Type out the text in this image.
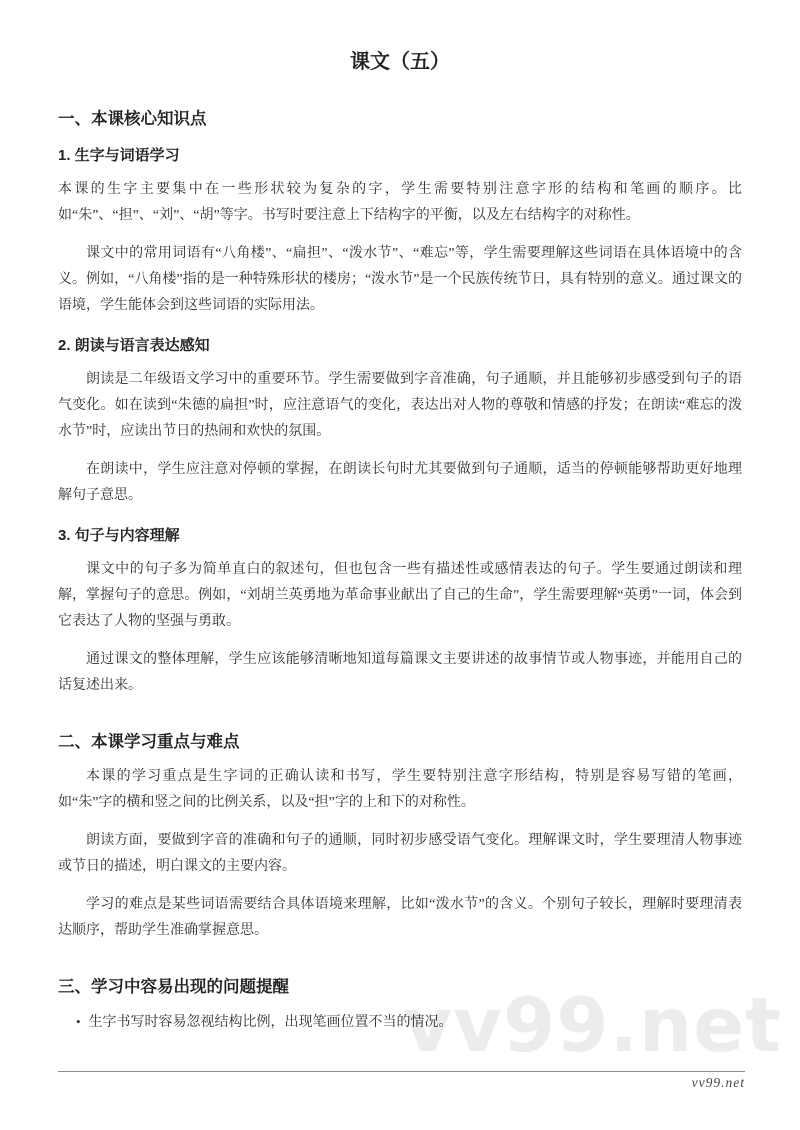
vv99.net
课文（五）
一、本课核心知识点
1. 生字与词语学习

本课的生字主要集中在一些形状较为复杂的字，学生需要特别注意字形的结构和笔画的顺序。比如“朱”、“担”、“刘”、“胡”等字。书写时要注意上下结构字的平衡，以及左右结构字的对称性。

课文中的常用词语有“八角楼”、“扁担”、“泼水节”、“难忘”等，学生需要理解这些词语在具体语境中的含义。例如，“八角楼”指的是一种特殊形状的楼房；“泼水节”是一个民族传统节日，具有特别的意义。通过课文的语境，学生能体会到这些词语的实际用法。

2. 朗读与语言表达感知

朗读是二年级语文学习中的重要环节。学生需要做到字音准确，句子通顺，并且能够初步感受到句子的语气变化。如在读到“朱德的扁担”时，应注意语气的变化，表达出对人物的尊敬和情感的抒发；在朗读“难忘的泼水节”时，应读出节日的热闹和欢快的氛围。

在朗读中，学生应注意对停顿的掌握，在朗读长句时尤其要做到句子通顺，适当的停顿能够帮助更好地理解句子意思。

3. 句子与内容理解

课文中的句子多为简单直白的叙述句，但也包含一些有描述性或感情表达的句子。学生要通过朗读和理解，掌握句子的意思。例如，“刘胡兰英勇地为革命事业献出了自己的生命”，学生需要理解“英勇”一词，体会到它表达了人物的坚强与勇敢。

通过课文的整体理解，学生应该能够清晰地知道每篇课文主要讲述的故事情节或人物事迹，并能用自己的话复述出来。

二、本课学习重点与难点

本课的学习重点是生字词的正确认读和书写，学生要特别注意字形结构，特别是容易写错的笔画，如“朱”字的横和竖之间的比例关系，以及“担”字的上和下的对称性。

朗读方面，要做到字音的准确和句子的通顺，同时初步感受语气变化。理解课文时，学生要理清人物事迹或节日的描述，明白课文的主要内容。

学习的难点是某些词语需要结合具体语境来理解，比如“泼水节”的含义。个别句子较长，理解时要理清表达顺序，帮助学生准确掌握意思。

三、学习中容易出现的问题提醒
• 生字书写时容易忽视结构比例，出现笔画位置不当的情况。
vv99.net
